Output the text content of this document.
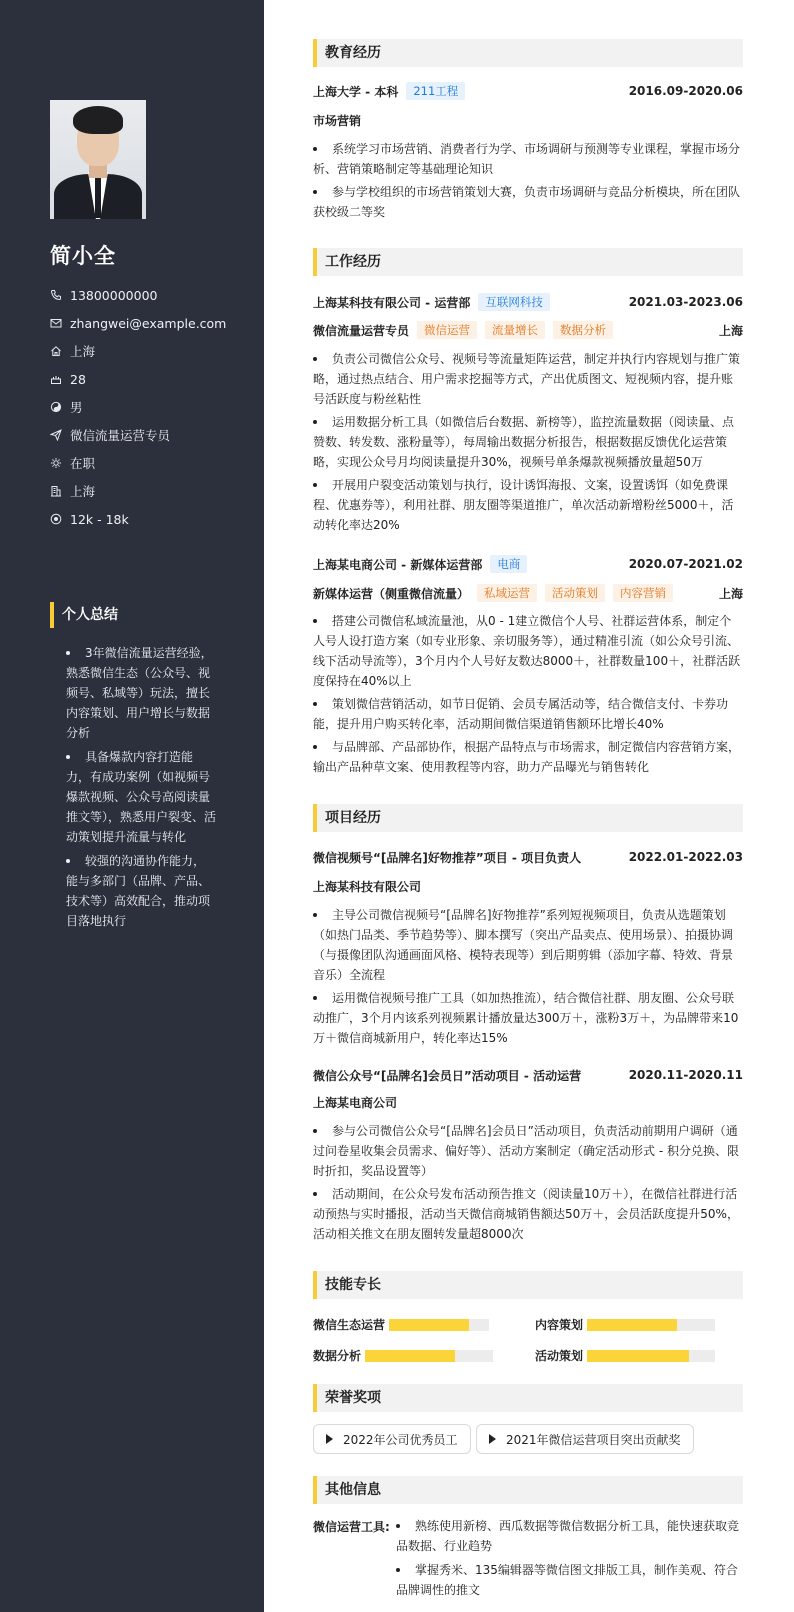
简小全
13800000000
zhangwei@example.com
上海
28
男
微信流量运营专员
在职
上海
12k - 18k
个人总结
3年微信流量运营经验，熟悉微信生态（公众号、视频号、私域等）玩法，擅长内容策划、用户增长与数据分析
具备爆款内容打造能力，有成功案例（如视频号爆款视频、公众号高阅读量推文等），熟悉用户裂变、活动策划提升流量与转化
较强的沟通协作能力，能与多部门（品牌、产品、技术等）高效配合，推动项目落地执行
教育经历
上海大学 - 本科	211工程	2016.09-2020.06
市场营销
系统学习市场营销、消费者行为学、市场调研与预测等专业课程，掌握市场分析、营销策略制定等基础理论知识
参与学校组织的市场营销策划大赛，负责市场调研与竞品分析模块，所在团队获校级二等奖
工作经历
上海某科技有限公司 - 运营部	互联网科技	2021.03-2023.06
微信流量运营专员	微信运营	流量增长	数据分析	上海
负责公司微信公众号、视频号等流量矩阵运营，制定并执行内容规划与推广策略，通过热点结合、用户需求挖掘等方式，产出优质图文、短视频内容，提升账号活跃度与粉丝粘性
运用数据分析工具（如微信后台数据、新榜等），监控流量数据（阅读量、点赞数、转发数、涨粉量等），每周输出数据分析报告，根据数据反馈优化运营策略，实现公众号月均阅读量提升30%，视频号单条爆款视频播放量超50万
开展用户裂变活动策划与执行，设计诱饵海报、文案，设置诱饵（如免费课程、优惠券等），利用社群、朋友圈等渠道推广，单次活动新增粉丝5000＋，活动转化率达20%
上海某电商公司 - 新媒体运营部	电商	2020.07-2021.02
新媒体运营（侧重微信流量）	私域运营	活动策划	内容营销	上海
搭建公司微信私域流量池，从0 - 1建立微信个人号、社群运营体系，制定个人号人设打造方案（如专业形象、亲切服务等），通过精准引流（如公众号引流、线下活动导流等），3个月内个人号好友数达8000＋，社群数量100＋，社群活跃度保持在40%以上
策划微信营销活动，如节日促销、会员专属活动等，结合微信支付、卡券功能，提升用户购买转化率，活动期间微信渠道销售额环比增长40%
与品牌部、产品部协作，根据产品特点与市场需求，制定微信内容营销方案，输出产品种草文案、使用教程等内容，助力产品曝光与销售转化
项目经历
微信视频号“[品牌名]好物推荐”项目 - 项目负责人	2022.01-2022.03
上海某科技有限公司
主导公司微信视频号“[品牌名]好物推荐”系列短视频项目，负责从选题策划（如热门品类、季节趋势等）、脚本撰写（突出产品卖点、使用场景）、拍摄协调（与摄像团队沟通画面风格、模特表现等）到后期剪辑（添加字幕、特效、背景音乐）全流程
运用微信视频号推广工具（如加热推流），结合微信社群、朋友圈、公众号联动推广，3个月内该系列视频累计播放量达300万＋，涨粉3万＋，为品牌带来10万＋微信商城新用户，转化率达15%
微信公众号“[品牌名]会员日”活动项目 - 活动运营	2020.11-2020.11
上海某电商公司
参与公司微信公众号“[品牌名]会员日”活动项目，负责活动前期用户调研（通过问卷星收集会员需求、偏好等）、活动方案制定（确定活动形式 - 积分兑换、限时折扣，奖品设置等）
活动期间，在公众号发布活动预告推文（阅读量10万＋），在微信社群进行活动预热与实时播报，活动当天微信商城销售额达50万＋，会员活跃度提升50%，活动相关推文在朋友圈转发量超8000次
技能专长
微信生态运营	内容策划
数据分析	活动策划
荣誉奖项
2022年公司优秀员工	2021年微信运营项目突出贡献奖
其他信息
微信运营工具:	熟练使用新榜、西瓜数据等微信数据分析工具，能快速获取竞品数据、行业趋势
掌握秀米、135编辑器等微信图文排版工具，制作美观、符合品牌调性的推文
